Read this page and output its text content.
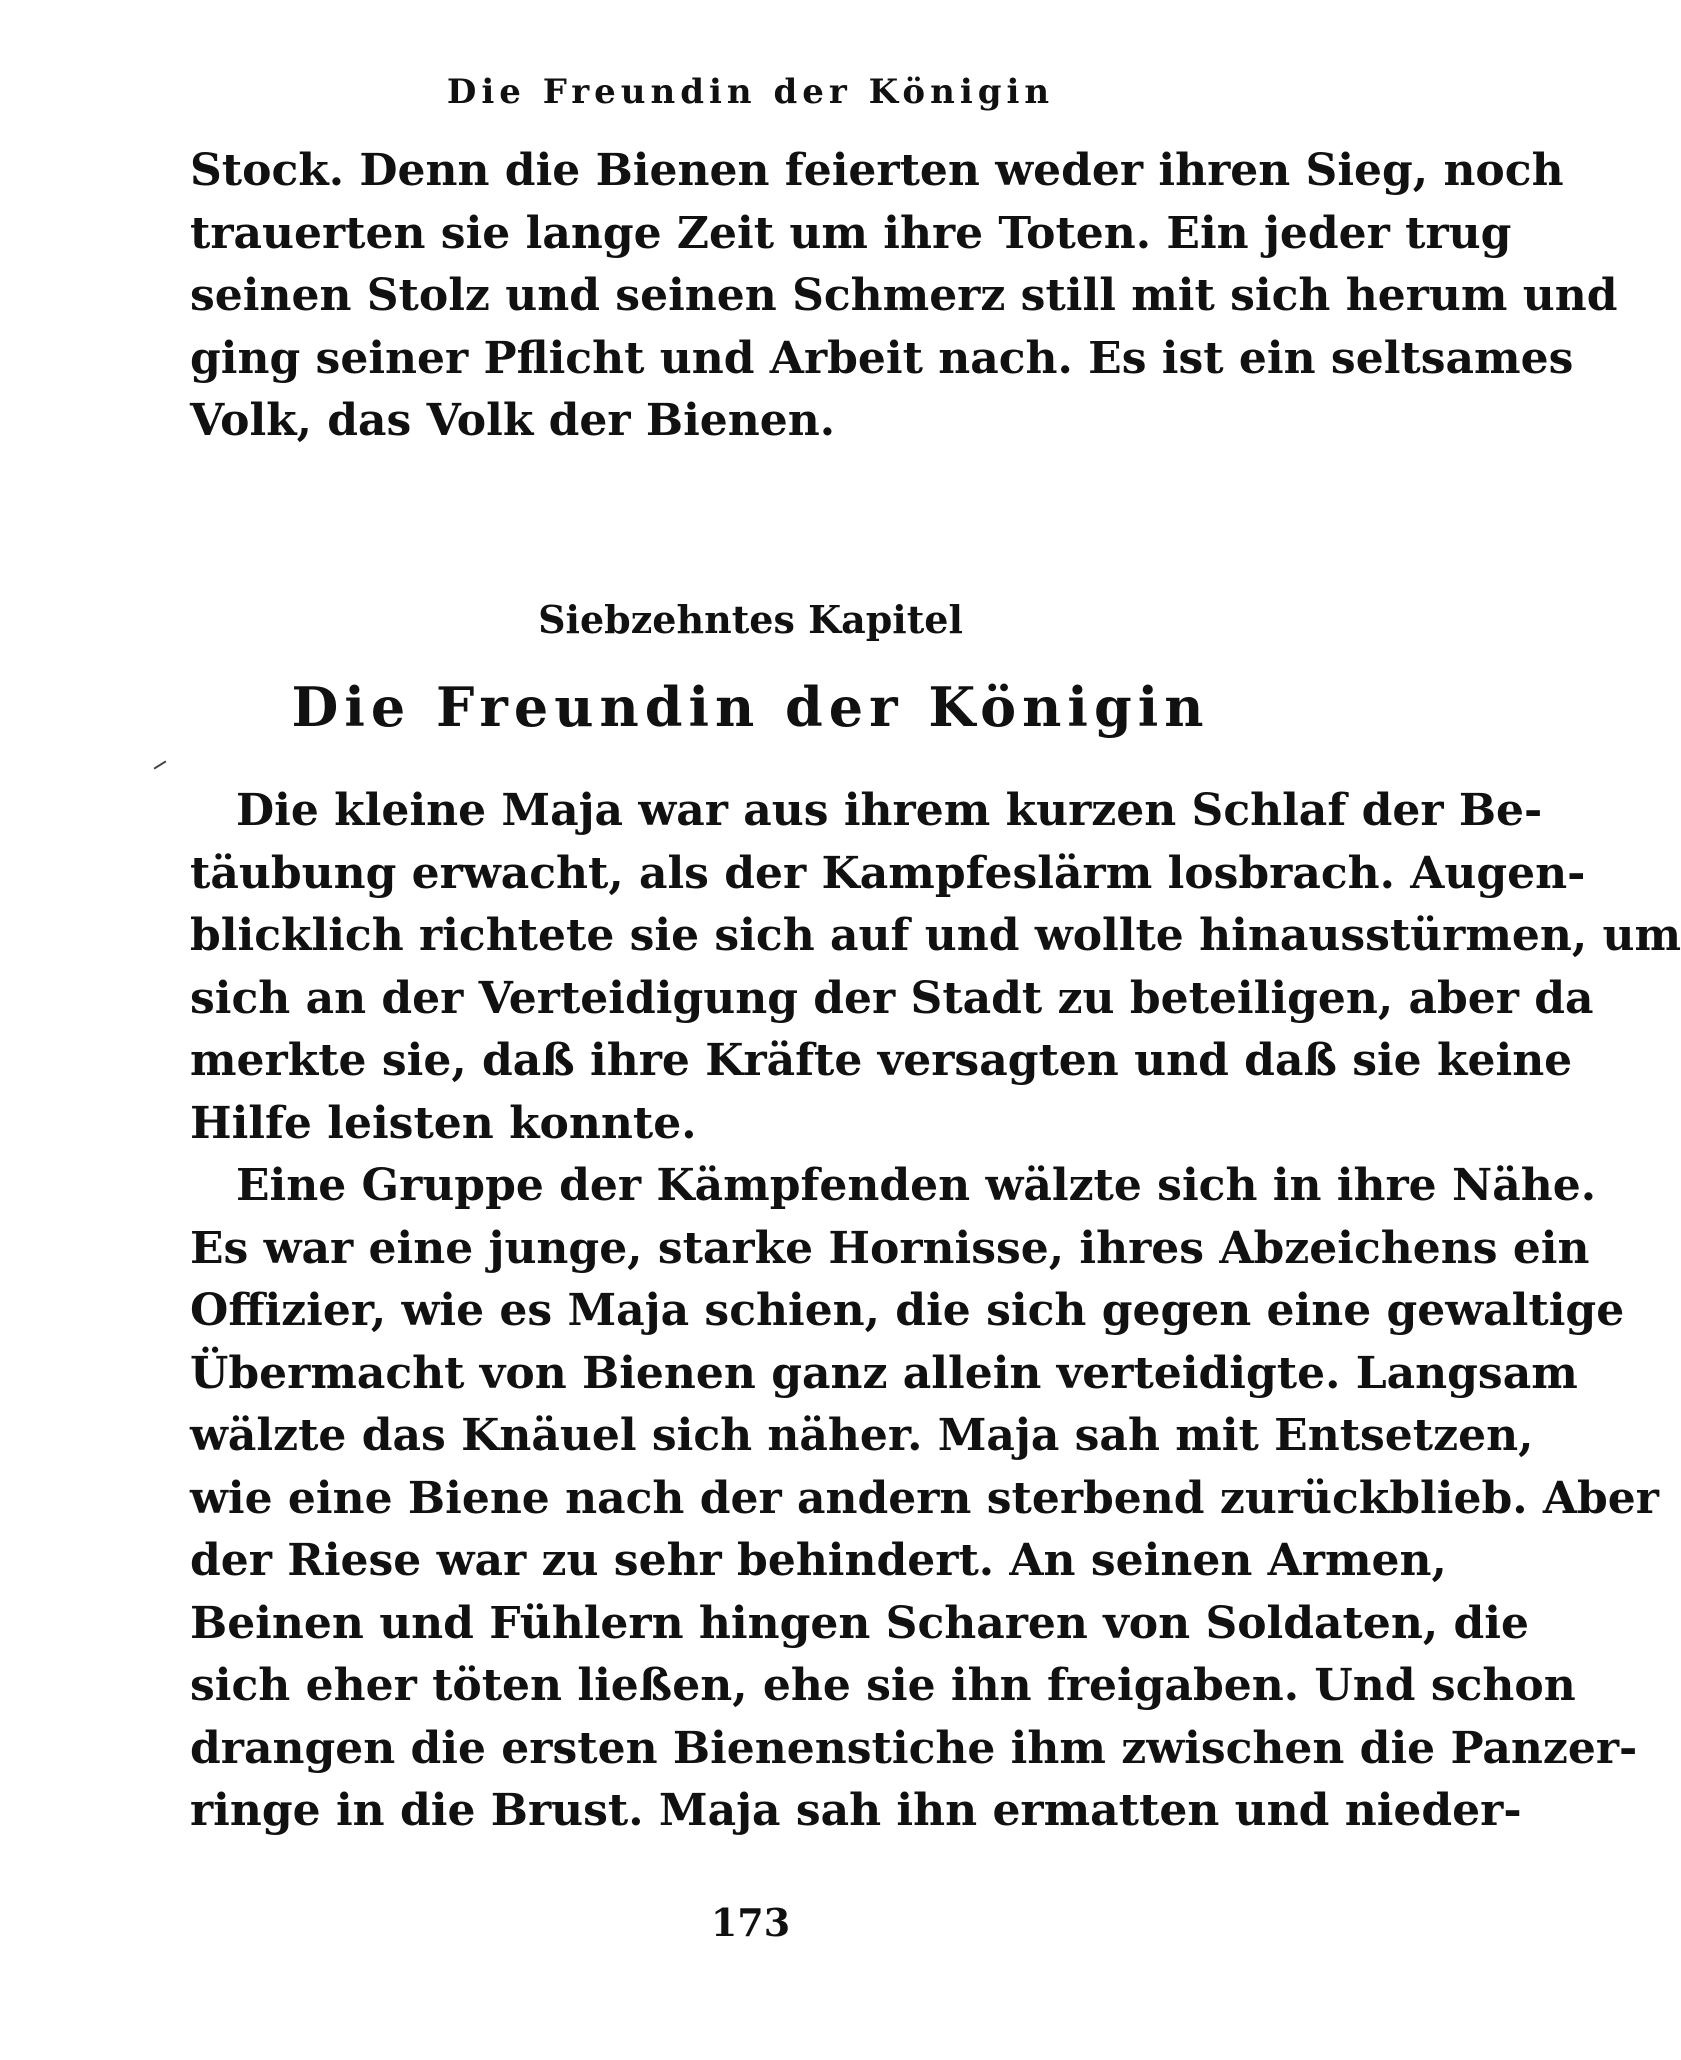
Die Freundin der Königin
Stock. Denn die Bienen feierten weder ihren Sieg, noch
trauerten sie lange Zeit um ihre Toten. Ein jeder trug
seinen Stolz und seinen Schmerz still mit sich herum und
ging seiner Pflicht und Arbeit nach. Es ist ein seltsames
Volk, das Volk der Bienen.
Siebzehntes Kapitel
Die Freundin der Königin
Die kleine Maja war aus ihrem kurzen Schlaf der Be-
täubung erwacht, als der Kampfeslärm losbrach. Augen-
blicklich richtete sie sich auf und wollte hinausstürmen, um
sich an der Verteidigung der Stadt zu beteiligen, aber da
merkte sie, daß ihre Kräfte versagten und daß sie keine
Hilfe leisten konnte.
Eine Gruppe der Kämpfenden wälzte sich in ihre Nähe.
Es war eine junge, starke Hornisse, ihres Abzeichens ein
Offizier, wie es Maja schien, die sich gegen eine gewaltige
Übermacht von Bienen ganz allein verteidigte. Langsam
wälzte das Knäuel sich näher. Maja sah mit Entsetzen,
wie eine Biene nach der andern sterbend zurückblieb. Aber
der Riese war zu sehr behindert. An seinen Armen,
Beinen und Fühlern hingen Scharen von Soldaten, die
sich eher töten ließen, ehe sie ihn freigaben. Und schon
drangen die ersten Bienenstiche ihm zwischen die Panzer-
ringe in die Brust. Maja sah ihn ermatten und nieder-
173
